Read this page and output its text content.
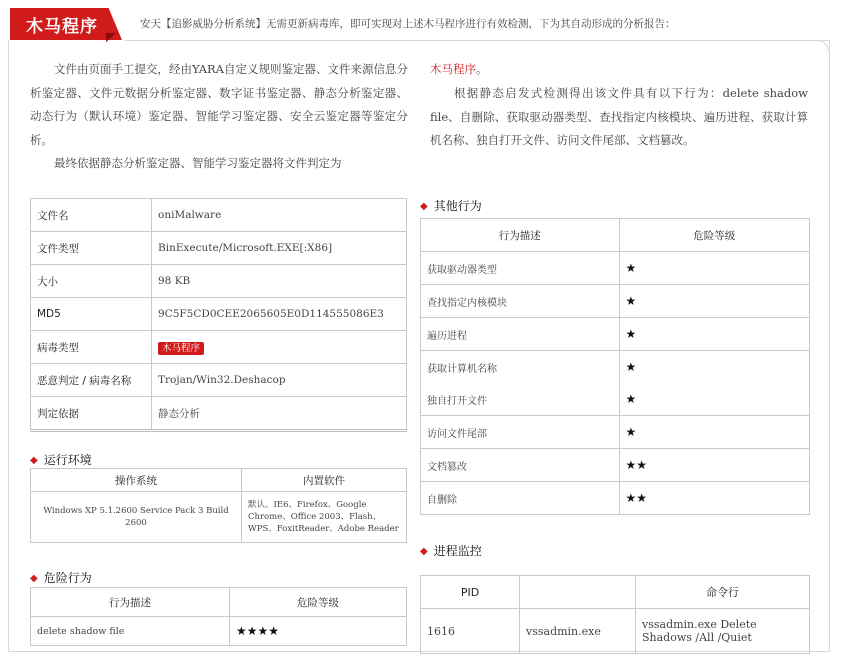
木马程序	安天【追影威胁分析系统】无需更新病毒库，即可实现对上述木马程序进行有效检测，下为其自动形成的分析报告：
文件由页面手工提交，经由YARA自定义规则鉴定器、文件来源信息分析鉴定器、文件元数据分析鉴定器、数字证书鉴定器、静态分析鉴定器、动态行为（默认环境）鉴定器、智能学习鉴定器、安全云鉴定器等鉴定分析。
最终依据静态分析鉴定器、智能学习鉴定器将文件判定为
木马程序。
根据静态启发式检测得出该文件具有以下行为：delete shadow file、自删除、获取驱动器类型、查找指定内核模块、遍历进程、获取计算机名称、独自打开文件、访问文件尾部、文档篡改。
文件名	oniMalware
文件类型	BinExecute/Microsoft.EXE[:X86]
大小	98 KB
MD5	9C5F5CD0CEE2065605E0D114555086E3
病毒类型	木马程序
恶意判定 / 病毒名称	Trojan/Win32.Deshacop
判定依据	静态分析
◆ 运行环境
操作系统	内置软件
Windows XP 5.1.2600 Service Pack 3 Build 2600	默认、IE6、Firefox、Google Chrome、Office 2003、Flash、WPS、FoxitReader、Adobe Reader
◆ 危险行为
行为描述	危险等级
delete shadow file	★★★★
◆ 其他行为
行为描述	危险等级
获取驱动器类型	★
查找指定内核模块	★
遍历进程	★
获取计算机名称	★
独自打开文件	★
访问文件尾部	★
文档篡改	★★
自删除	★★
◆ 进程监控
PID		命令行
1616	vssadmin.exe	vssadmin.exe Delete Shadows /All /Quiet
